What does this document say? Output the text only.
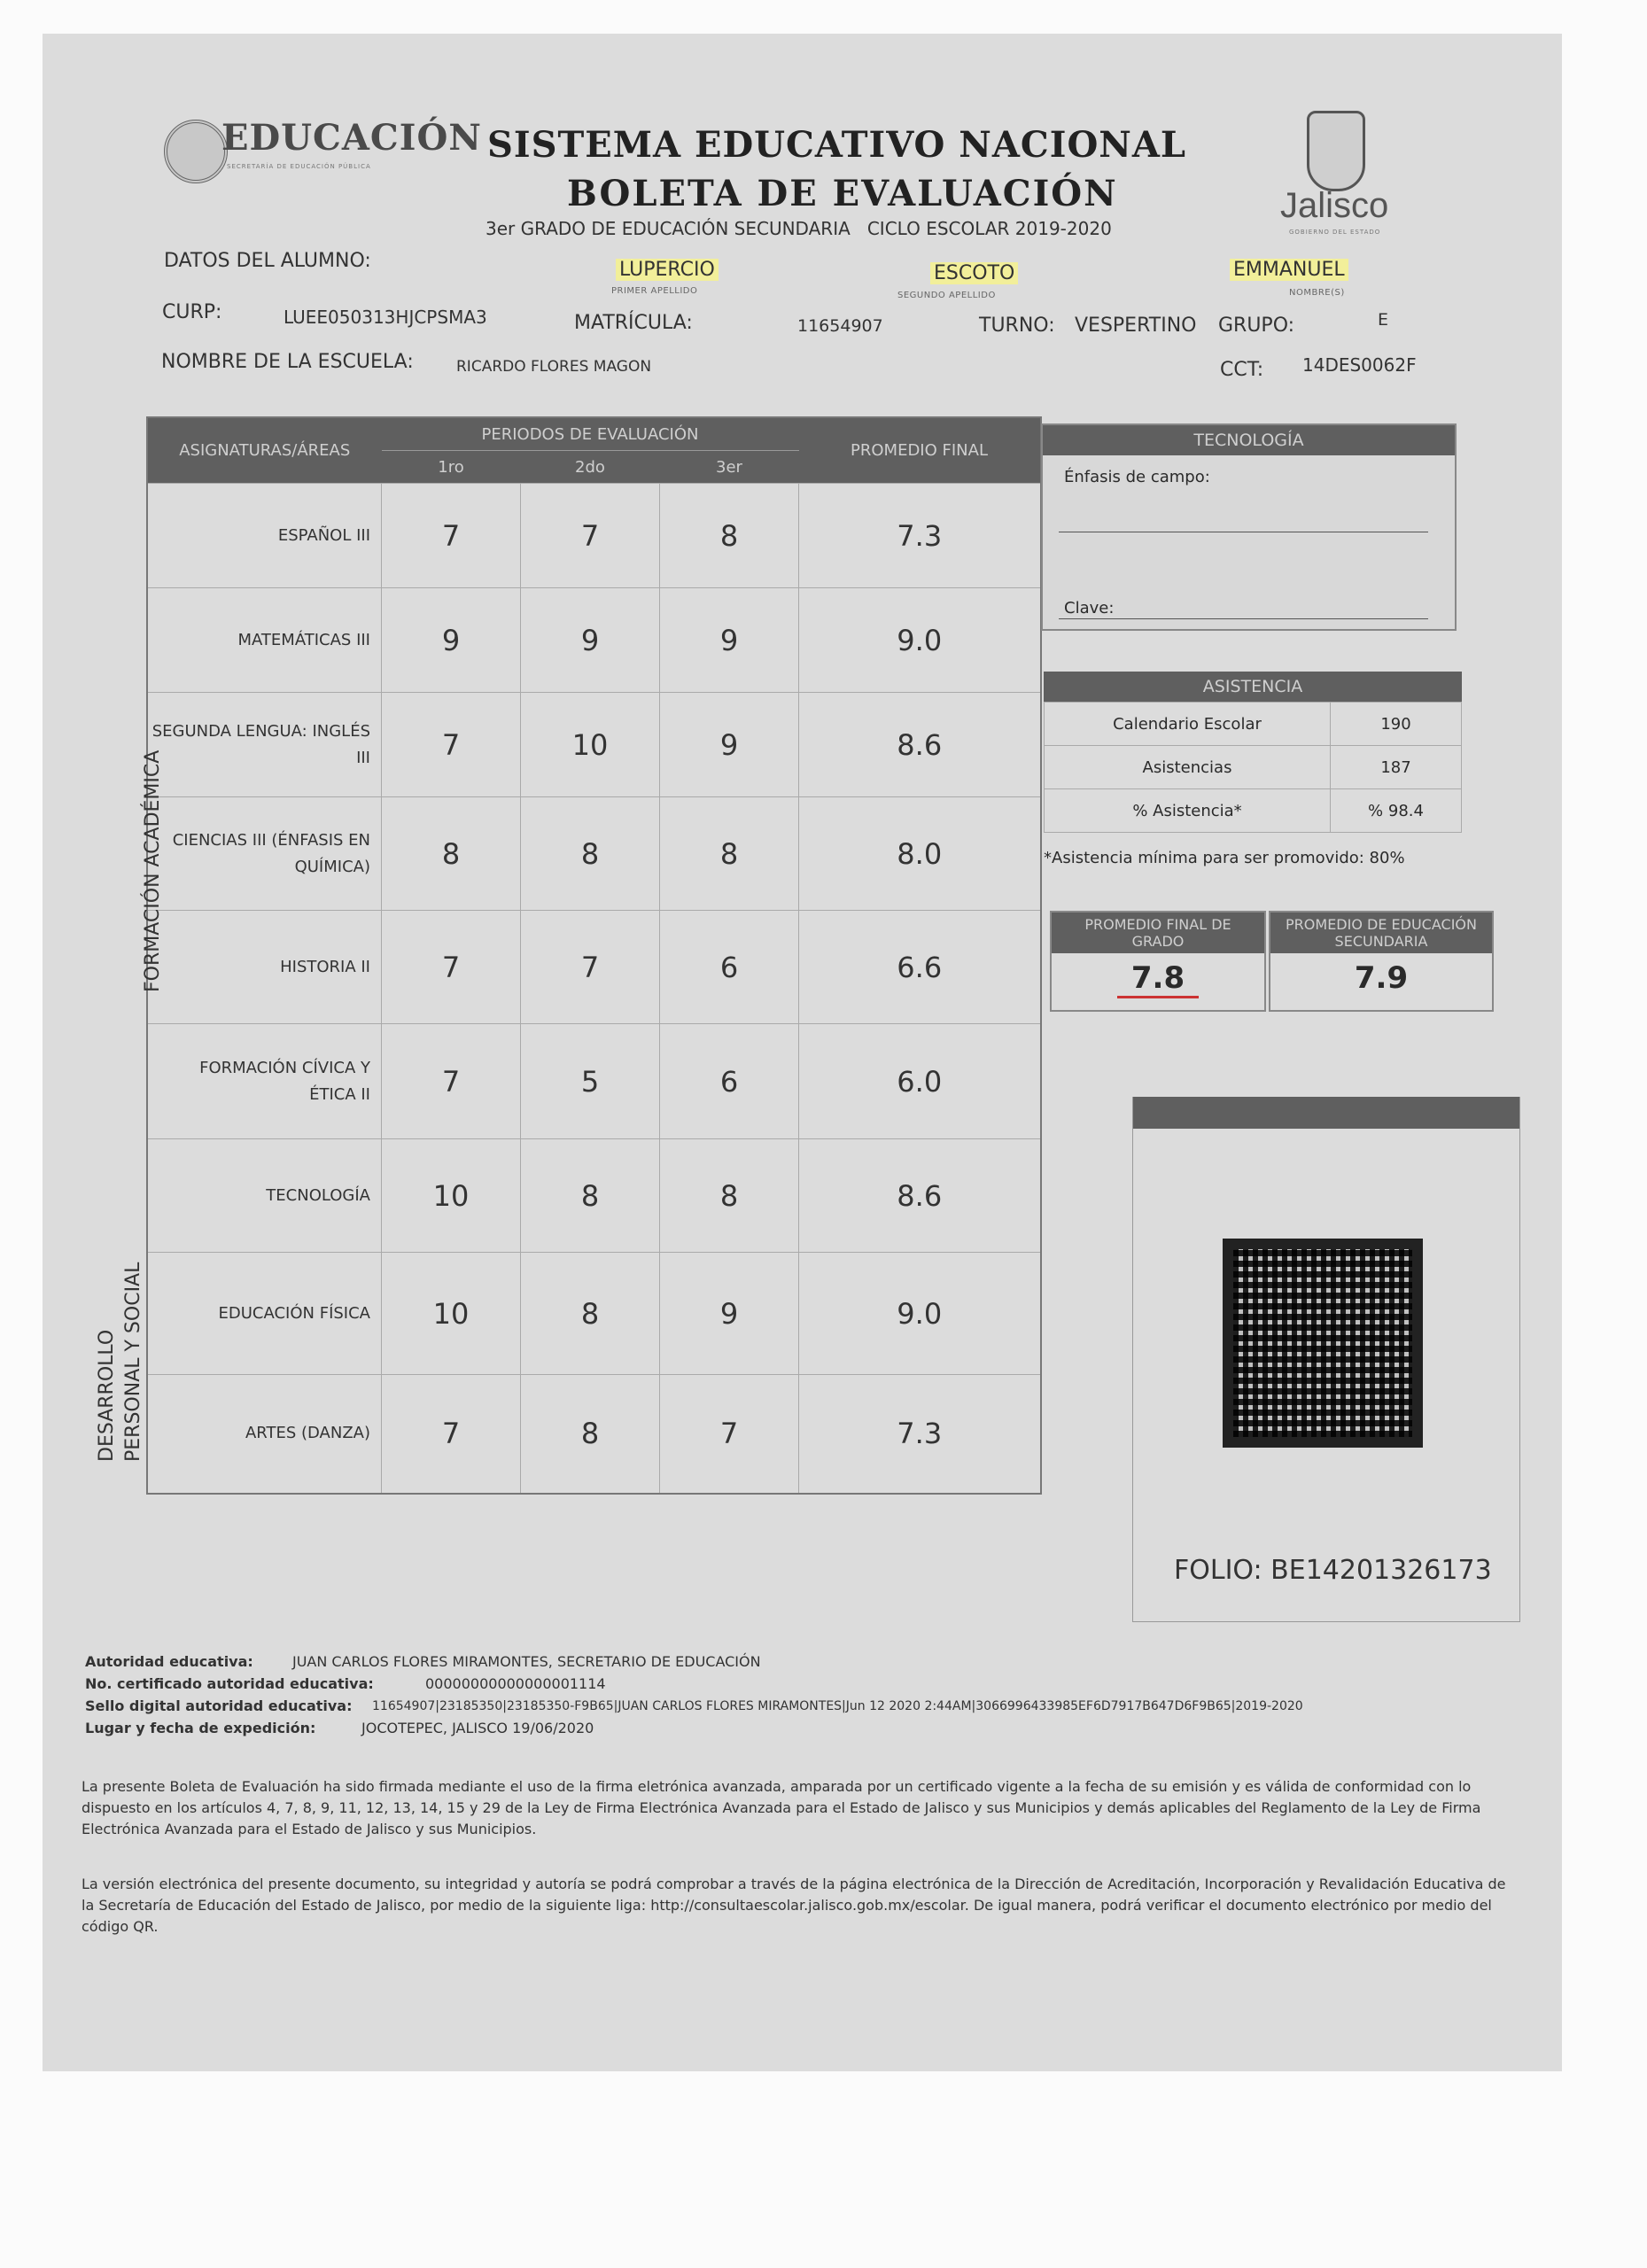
EDUCACIÓN
SECRETARÍA DE EDUCACIÓN PÚBLICA
SISTEMA EDUCATIVO NACIONAL
BOLETA DE EVALUACIÓN
3er GRADO DE EDUCACIÓN SECUNDARIA   CICLO ESCOLAR 2019-2020
Jalisco
GOBIERNO DEL ESTADO
DATOS DEL ALUMNO:	LUPERCIO
PRIMER APELLIDO
ESCOTO
SEGUNDO APELLIDO
EMMANUEL
NOMBRE(S)
CURP:	LUEE050313HJCPSMA3	MATRÍCULA:	11654907	TURNO: VESPERTINO GRUPO:	E
NOMBRE DE LA ESCUELA:	RICARDO FLORES MAGON	CCT: 14DES0062F
ASIGNATURAS/ÁREAS	PERIODOS DE EVALUACIÓN			PROMEDIO FINAL
	1ro	2do	3er	
ESPAÑOL III	7	7	8	7.3
MATEMÁTICAS III	9	9	9	9.0
SEGUNDA LENGUA: INGLÉS III	7	10	9	8.6
CIENCIAS III (ÉNFASIS EN QUÍMICA)	8	8	8	8.0
HISTORIA II	7	7	6	6.6
FORMACIÓN CÍVICA Y ÉTICA II	7	5	6	6.0
TECNOLOGÍA	10	8	8	8.6
EDUCACIÓN FÍSICA	10	8	9	9.0
ARTES (DANZA)	7	8	7	7.3
FORMACIÓN ACADÉMICA
DESARROLLO PERSONAL Y SOCIAL
TECNOLOGÍA
Énfasis de campo:
Clave:
ASISTENCIA
Calendario Escolar	190
Asistencias	187
% Asistencia*	% 98.4
*Asistencia mínima para ser promovido: 80%
PROMEDIO FINAL DE GRADO
7.8
PROMEDIO DE EDUCACIÓN SECUNDARIA
7.9
FOLIO: BE14201326173
Autoridad educativa:	JUAN CARLOS FLORES MIRAMONTES, SECRETARIO DE EDUCACIÓN
No. certificado autoridad educativa:	00000000000000001114
Sello digital autoridad educativa: 11654907|23185350|23185350-F9B65|JUAN CARLOS FLORES MIRAMONTES|Jun 12 2020 2:44AM|3066996433985EF6D7917B647D6F9B65|2019-2020
Lugar y fecha de expedición:	JOCOTEPEC, JALISCO 19/06/2020
La presente Boleta de Evaluación ha sido firmada mediante el uso de la firma eletrónica avanzada, amparada por un certificado vigente a la fecha de su emisión y es válida de conformidad con lo dispuesto en los artículos 4, 7, 8, 9, 11, 12, 13, 14, 15 y 29 de la Ley de Firma Electrónica Avanzada para el Estado de Jalisco y sus Municipios y demás aplicables del Reglamento de la Ley de Firma Electrónica Avanzada para el Estado de Jalisco y sus Municipios.
La versión electrónica del presente documento, su integridad y autoría se podrá comprobar a través de la página electrónica de la Dirección de Acreditación, Incorporación y Revalidación Educativa de la Secretaría de Educación del Estado de Jalisco, por medio de la siguiente liga: http://consultaescolar.jalisco.gob.mx/escolar. De igual manera, podrá verificar el documento electrónico por medio del código QR.
